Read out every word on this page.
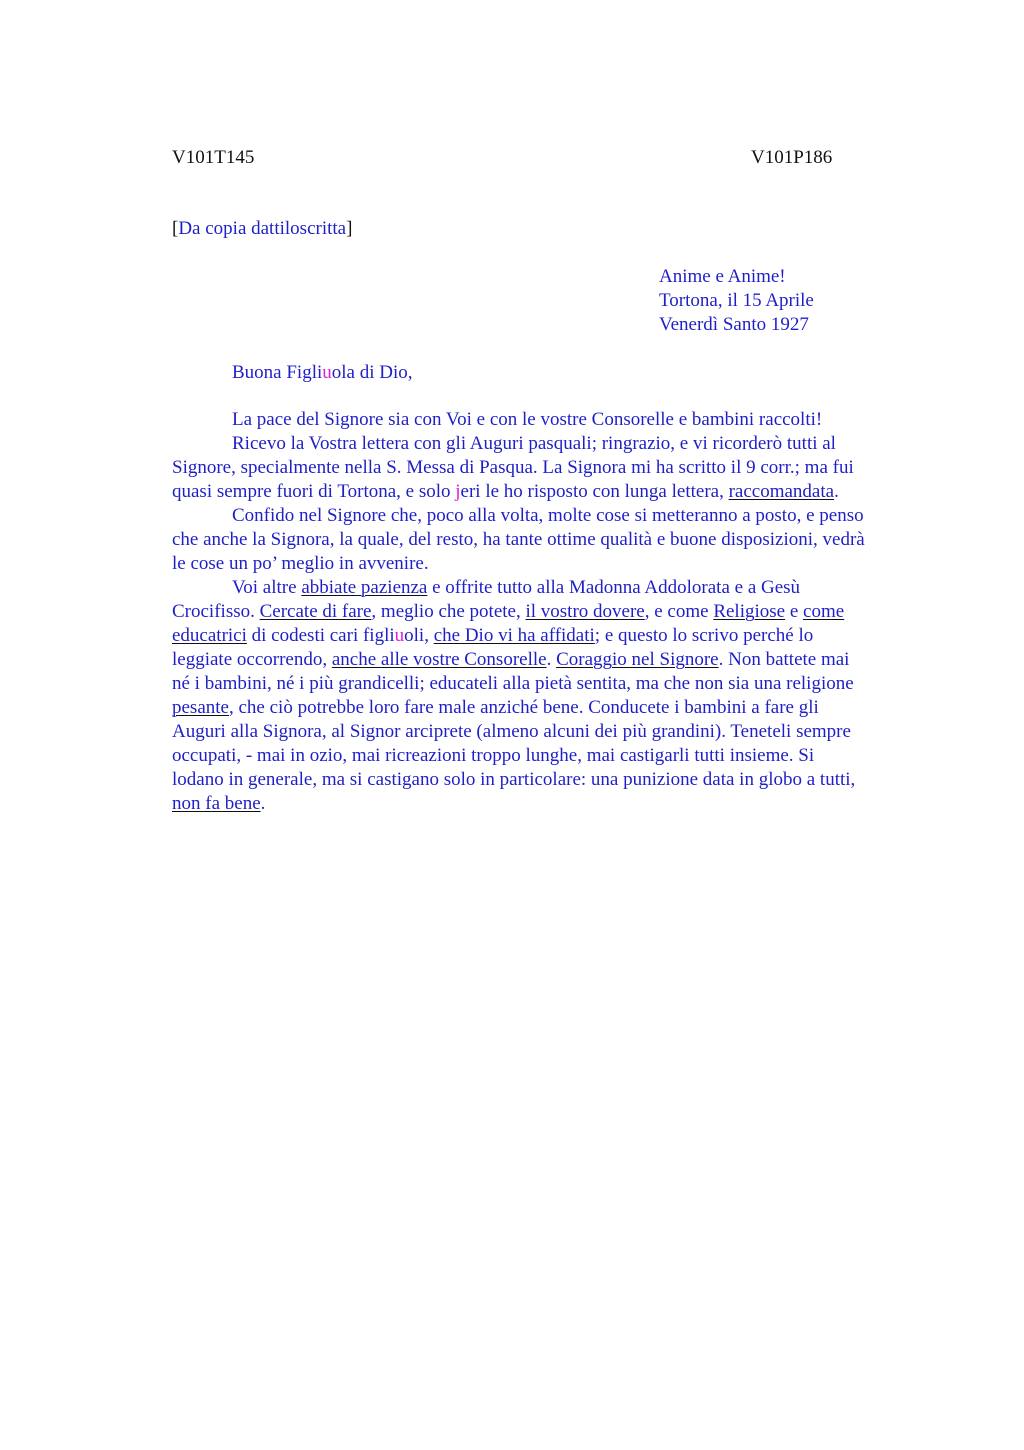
V101T145	V101P186
[Da copia dattiloscritta]
Anime e Anime!
Tortona, il 15 Aprile
Venerdì Santo 1927
Buona Figliuola di Dio,
La pace del Signore sia con Voi e con le vostre Consorelle e bambini raccolti!
Ricevo la Vostra lettera con gli Auguri pasquali; ringrazio, e vi ricorderò tutti al
Signore, specialmente nella S. Messa di Pasqua. La Signora mi ha scritto il 9 corr.; ma fui
quasi sempre fuori di Tortona, e solo jeri le ho risposto con lunga lettera, raccomandata.
Confido nel Signore che, poco alla volta, molte cose si metteranno a posto, e penso
che anche la Signora, la quale, del resto, ha tante ottime qualità e buone disposizioni, vedrà
le cose un po’ meglio in avvenire.
Voi altre abbiate pazienza e offrite tutto alla Madonna Addolorata e a Gesù
Crocifisso. Cercate di fare, meglio che potete, il vostro dovere, e come Religiose e come
educatrici di codesti cari figliuoli, che Dio vi ha affidati; e questo lo scrivo perché lo
leggiate occorrendo, anche alle vostre Consorelle. Coraggio nel Signore. Non battete mai
né i bambini, né i più grandicelli; educateli alla pietà sentita, ma che non sia una religione
pesante, che ciò potrebbe loro fare male anziché bene. Conducete i bambini a fare gli
Auguri alla Signora, al Signor arciprete (almeno alcuni dei più grandini). Teneteli sempre
occupati, - mai in ozio, mai ricreazioni troppo lunghe, mai castigarli tutti insieme. Si
lodano in generale, ma si castigano solo in particolare: una punizione data in globo a tutti,
non fa bene.
